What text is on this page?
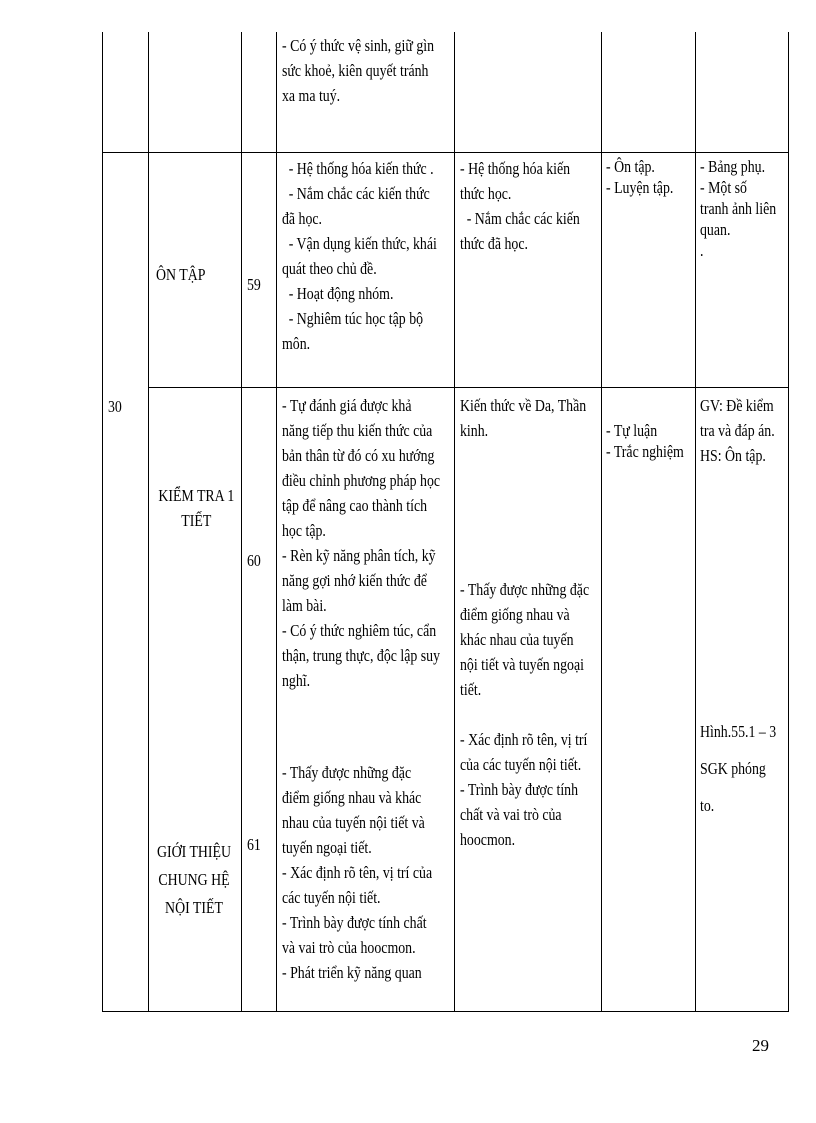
- Có ý thức vệ sinh, giữ gìn

sức khoẻ, kiên quyết tránh

xa ma tuý.

30

ÔN TẬP

59

- Hệ thống hóa kiến thức .

- Nắm chắc các kiến thức

đã học.

- Vận dụng kiến thức, khái

quát theo chủ đề.

- Hoạt động nhóm.

- Nghiêm túc học tập bộ

môn.

- Hệ thống hóa kiến

thức học.

- Nắm chắc các kiến

thức đã học.

- Ôn tập.

- Luyện tập.

- Bảng phụ.

- Một số

tranh ảnh liên

quan.

.

KIỂM TRA 1

TIẾT

60

- Tự đánh giá được khả

năng tiếp thu kiến thức của

bản thân từ đó có xu hướng

điều chỉnh phương pháp học

tập để nâng cao thành tích

học tập.

- Rèn kỹ năng phân tích, kỹ

năng gợi nhớ kiến thức để

làm bài.

- Có ý thức nghiêm túc, cẩn

thận, trung thực, độc lập suy

nghĩ.

Kiến thức về Da, Thần

kinh.	- Tự luận

- Trắc nghiệm

GV: Đề kiểm

tra và đáp án.

HS: Ôn tập.

GIỚI THIỆU

CHUNG HỆ

NỘI TIẾT

61

- Thấy được những đặc

điểm giống nhau và khác

nhau của tuyến nội tiết và

tuyến ngoại tiết.

- Xác định rõ tên, vị trí của

các tuyến nội tiết.

- Trình bày được tính chất

và vai trò của hoocmon.

- Phát triển kỹ năng quan

- Thấy được những đặc

điểm giống nhau và

khác nhau của tuyến

nội tiết và tuyến ngoại

tiết.

- Xác định rõ tên, vị trí

của các tuyến nội tiết.

- Trình bày được tính

chất và vai trò của

hoocmon.

Hình.55.1 – 3

SGK phóng

to.

29
